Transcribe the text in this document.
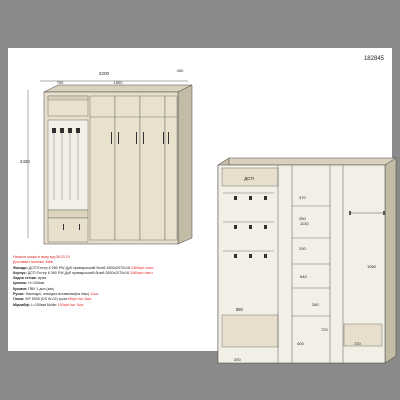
182845
2200
700	1500
400
2420
ДСП
850
370
250
200
1060
640
260
720
200
720
400
1130
Наталія шафа в ньму від 08.03.19
Доставка і монтаж: Київ
Фасади: ДСП Егггер К 080 PW Дуб примарськиій білий 2800х2070х18 2460грн./лист
Корпус: ДСП Егггер К 080 PW Дуб примарськиій білий 2800х2070х18 2460грн./лист
Задня стінка: сірая
Цоколь: Н=100мм
Кромка: ПВХ 1 дол.(кач)
Ручки: Накладні, знахідна вставкова(на ніжк) 12шт.
Гачки: WF 5905 (DS W-02) хром 60грн./шт 8шт.
Мірлайф: L=150мм Muller 100грн./шт 3шт.
